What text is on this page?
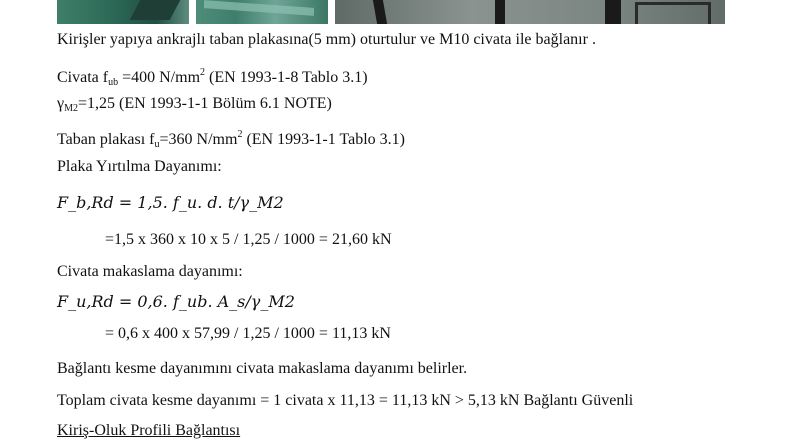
Kirişler yapıya ankrajlı taban plakasına(5 mm) oturtulur ve M10 civata ile bağlanır .
Civata $f_{ub} =400$ $N/mm^2$ (EN 1993-1-8 Tablo 3.1)
$\gamma_{M2}=1,25$ (EN 1993-1-1 Bölüm 6.1 NOTE)
Taban plakası $f_u=360$ $N/mm^2$ (EN 1993-1-1 Tablo 3.1)
Plaka Yırtılma Dayanımı:
F_b,Rd = 1,5. f_u. d. t/γ_M2
=1,5 x 360 x 10 x 5 / 1,25 / 1000 = 21,60 kN
Civata makaslama dayanımı:
F_u,Rd = 0,6. f_ub. A_s/γ_M2
= 0,6 x 400 x 57,99 / 1,25 / 1000 = 11,13 kN
Bağlantı kesme dayanımını civata makaslama dayanımı belirler.
Toplam civata kesme dayanımı = 1 civata x 11,13 = 11,13 kN > 5,13 kN Bağlantı Güvenli
Kiriş-Oluk Profili Bağlantısı
